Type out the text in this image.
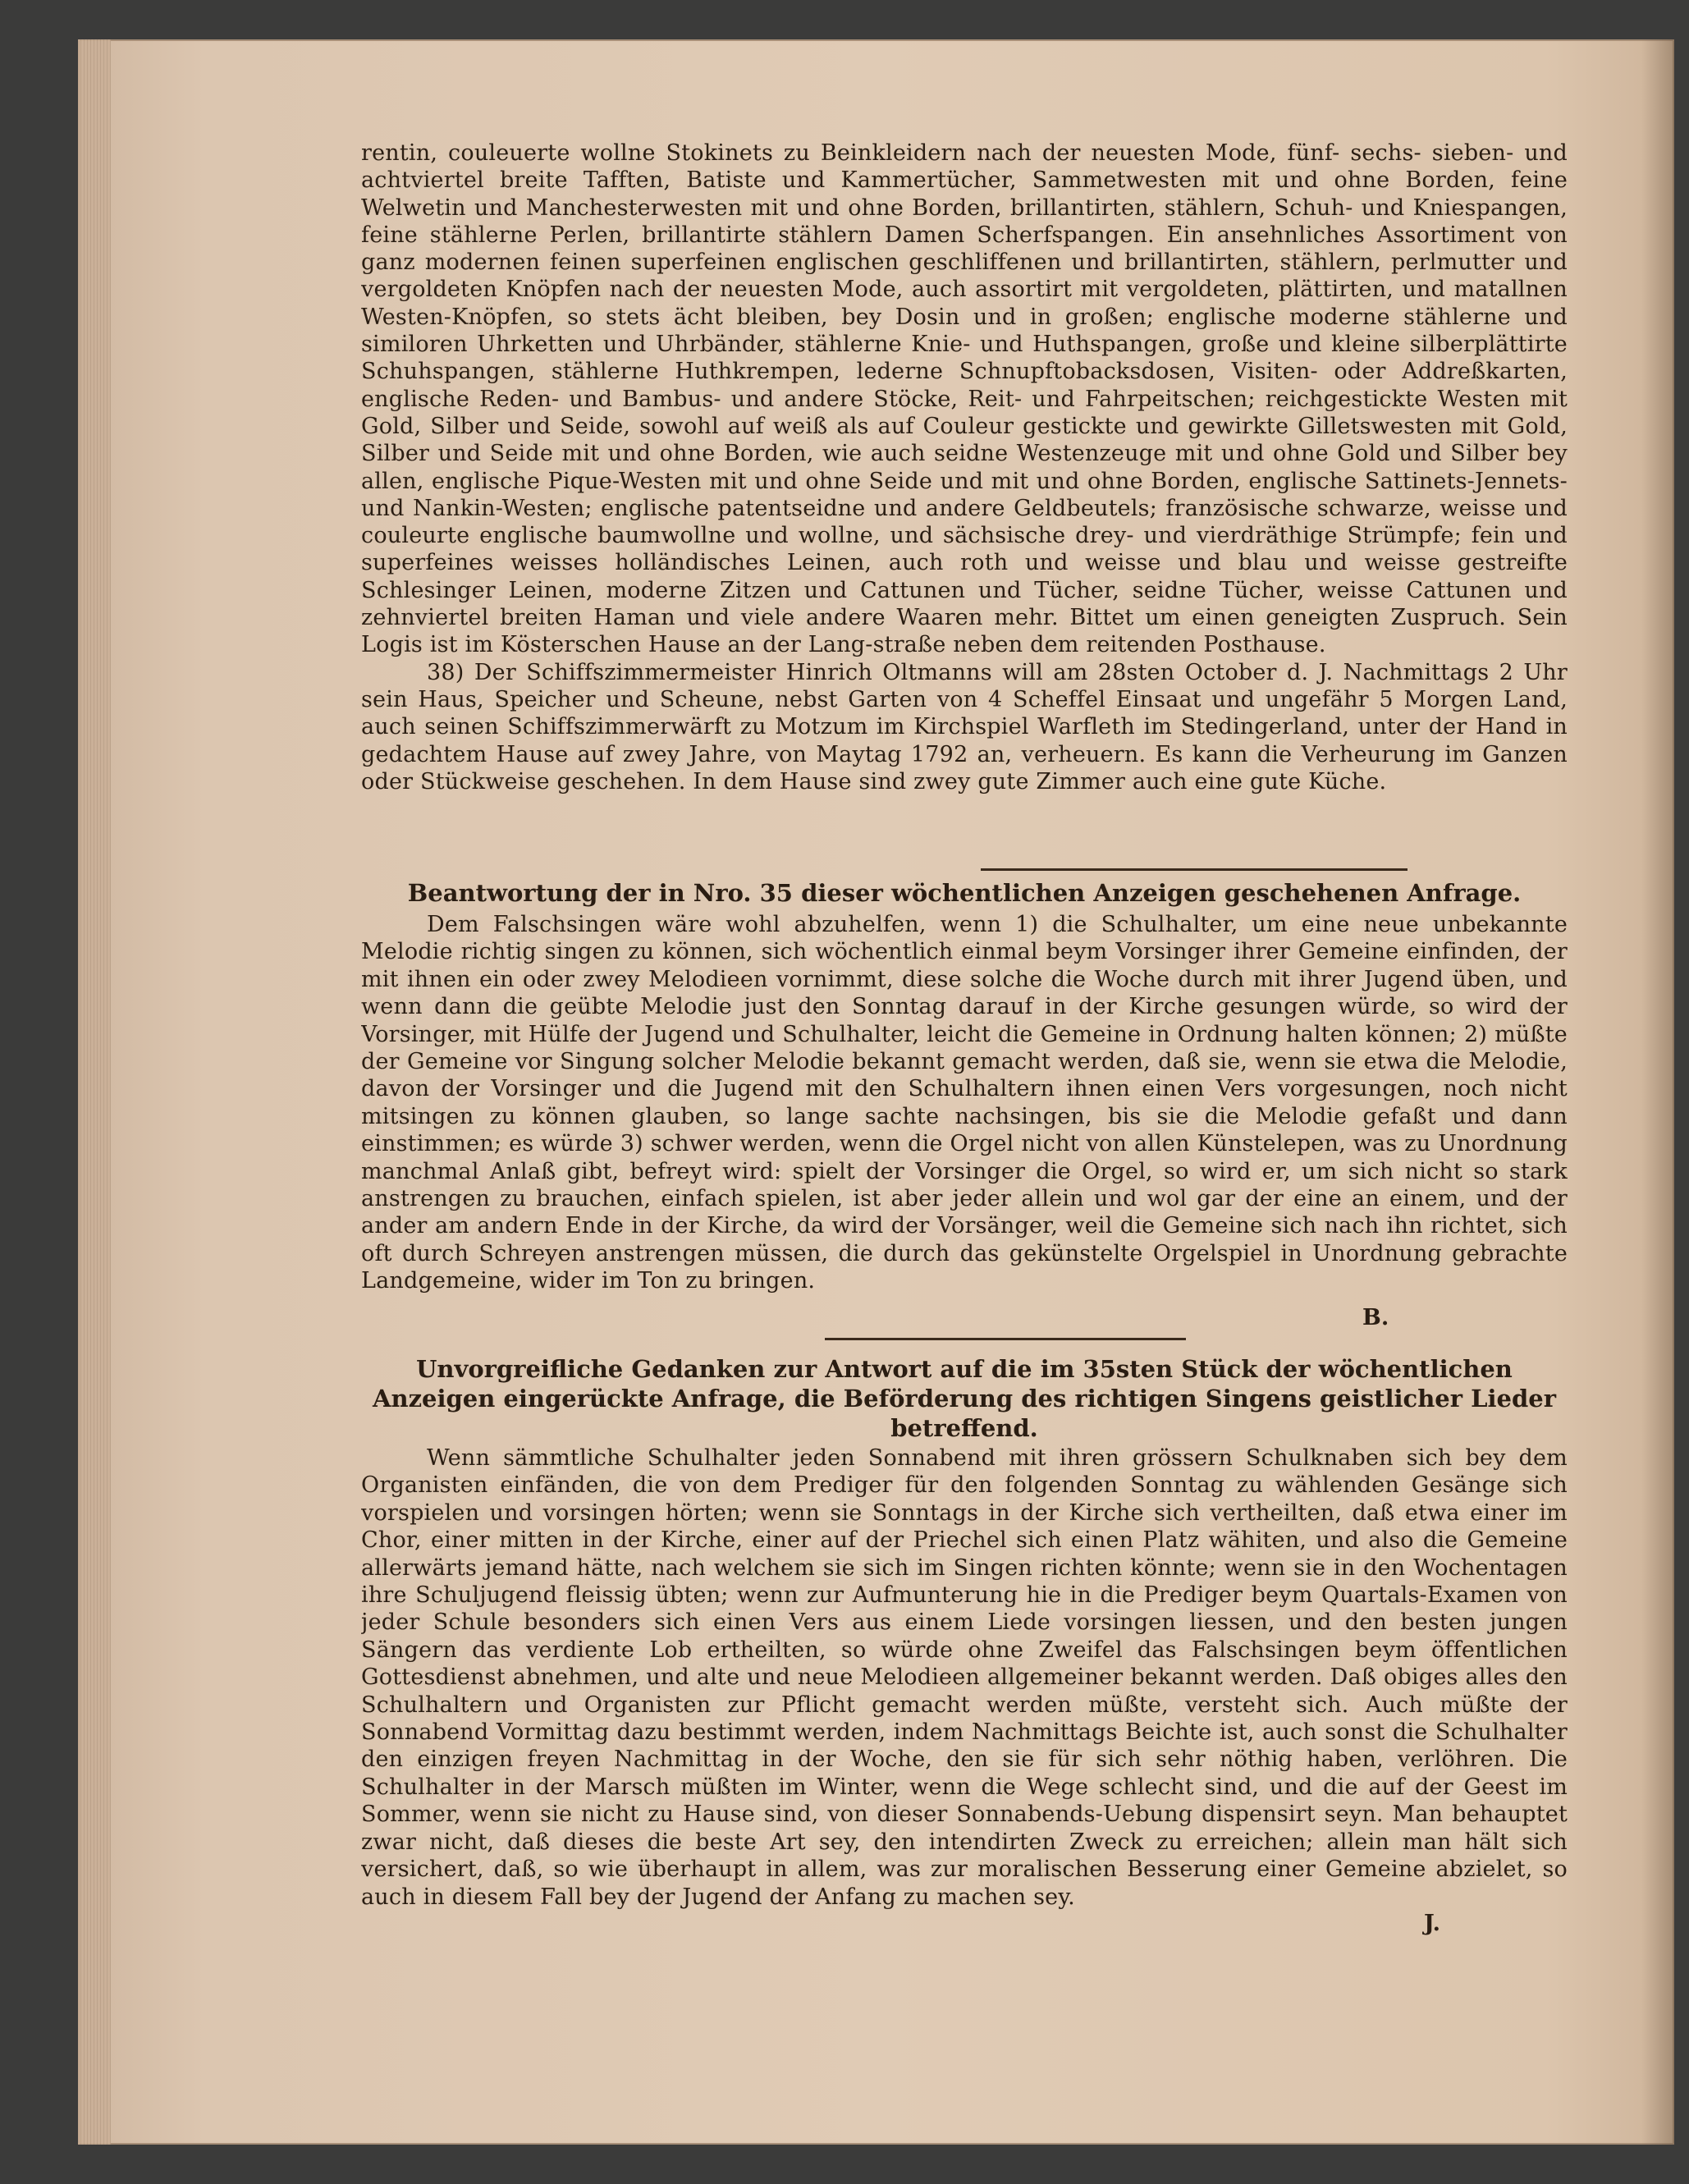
rentin, couleuerte wollne Stokinets zu Beinkleidern nach der neuesten Mode, fünf- sechs- sieben- und achtviertel breite Tafften, Batiste und Kammertücher, Sammetwesten mit und ohne Borden, feine Welwetin und Manchesterwesten mit und ohne Borden, brillantirten, stählern, Schuh- und Kniespangen, feine stählerne Perlen, brillantirte stählern Damen Scherfspangen. Ein ansehnliches Assortiment von ganz modernen feinen superfeinen englischen geschliffenen und brillantirten, stählern, perlmutter und vergoldeten Knöpfen nach der neuesten Mode, auch assortirt mit vergoldeten, plättirten, und matallnen Westen-Knöpfen, so stets ächt bleiben, bey Dosin und in großen; englische moderne stählerne und similoren Uhrketten und Uhrbänder, stählerne Knie- und Huthspangen, große und kleine silberplättirte Schuhspangen, stählerne Huthkrempen, lederne Schnupftobacksdosen, Visiten- oder Addreßkarten, englische Reden- und Bambus- und andere Stöcke, Reit- und Fahrpeitschen; reichgestickte Westen mit Gold, Silber und Seide, sowohl auf weiß als auf Couleur gestickte und gewirkte Gilletswesten mit Gold, Silber und Seide mit und ohne Borden, wie auch seidne Westenzeuge mit und ohne Gold und Silber bey allen, englische Pique-Westen mit und ohne Seide und mit und ohne Borden, englische Sattinets-Jennets- und Nankin-Westen; englische patentseidne und andere Geldbeutels; französische schwarze, weisse und couleurte englische baumwollne und wollne, und sächsische drey- und vierdräthige Strümpfe; fein und superfeines weisses holländisches Leinen, auch roth und weisse und blau und weisse gestreifte Schlesinger Leinen, moderne Zitzen und Cattunen und Tücher, seidne Tücher, weisse Cattunen und zehnviertel breiten Haman und viele andere Waaren mehr. Bittet um einen geneigten Zuspruch. Sein Logis ist im Kösterschen Hause an der Lang-straße neben dem reitenden Posthause.

38) Der Schiffszimmermeister Hinrich Oltmanns will am 28sten October d. J. Nachmittags 2 Uhr sein Haus, Speicher und Scheune, nebst Garten von 4 Scheffel Einsaat und ungefähr 5 Morgen Land, auch seinen Schiffszimmerwärft zu Motzum im Kirchspiel Warfleth im Stedingerland, unter der Hand in gedachtem Hause auf zwey Jahre, von Maytag 1792 an, verheuern. Es kann die Verheurung im Ganzen oder Stückweise geschehen. In dem Hause sind zwey gute Zimmer auch eine gute Küche.

Beantwortung der in Nro. 35 dieser wöchentlichen Anzeigen geschehenen Anfrage.

Dem Falschsingen wäre wohl abzuhelfen, wenn 1) die Schulhalter, um eine neue unbekannte Melodie richtig singen zu können, sich wöchentlich einmal beym Vorsinger ihrer Gemeine einfinden, der mit ihnen ein oder zwey Melodieen vornimmt, diese solche die Woche durch mit ihrer Jugend üben, und wenn dann die geübte Melodie just den Sonntag darauf in der Kirche gesungen würde, so wird der Vorsinger, mit Hülfe der Jugend und Schulhalter, leicht die Gemeine in Ordnung halten können; 2) müßte der Gemeine vor Singung solcher Melodie bekannt gemacht werden, daß sie, wenn sie etwa die Melodie, davon der Vorsinger und die Jugend mit den Schulhaltern ihnen einen Vers vorgesungen, noch nicht mitsingen zu können glauben, so lange sachte nachsingen, bis sie die Melodie gefaßt und dann einstimmen; es würde 3) schwer werden, wenn die Orgel nicht von allen Künstelepen, was zu Unordnung manchmal Anlaß gibt, befreyt wird: spielt der Vorsinger die Orgel, so wird er, um sich nicht so stark anstrengen zu brauchen, einfach spielen, ist aber jeder allein und wol gar der eine an einem, und der ander am andern Ende in der Kirche, da wird der Vorsänger, weil die Gemeine sich nach ihn richtet, sich oft durch Schreyen anstrengen müssen, die durch das gekünstelte Orgelspiel in Unordnung gebrachte Landgemeine, wider im Ton zu bringen.

B.
Unvorgreifliche Gedanken zur Antwort auf die im 35sten Stück der wöchentlichen Anzeigen eingerückte Anfrage, die Beförderung des richtigen Singens geistlicher Lieder betreffend.

Wenn sämmtliche Schulhalter jeden Sonnabend mit ihren grössern Schulknaben sich bey dem Organisten einfänden, die von dem Prediger für den folgenden Sonntag zu wählenden Gesänge sich vorspielen und vorsingen hörten; wenn sie Sonntags in der Kirche sich vertheilten, daß etwa einer im Chor, einer mitten in der Kirche, einer auf der Priechel sich einen Platz wähiten, und also die Gemeine allerwärts jemand hätte, nach welchem sie sich im Singen richten könnte; wenn sie in den Wochentagen ihre Schuljugend fleissig übten; wenn zur Aufmunterung hie in die Prediger beym Quartals-Examen von jeder Schule besonders sich einen Vers aus einem Liede vorsingen liessen, und den besten jungen Sängern das verdiente Lob ertheilten, so würde ohne Zweifel das Falschsingen beym öffentlichen Gottesdienst abnehmen, und alte und neue Melodieen allgemeiner bekannt werden. Daß obiges alles den Schulhaltern und Organisten zur Pflicht gemacht werden müßte, versteht sich. Auch müßte der Sonnabend Vormittag dazu bestimmt werden, indem Nachmittags Beichte ist, auch sonst die Schulhalter den einzigen freyen Nachmittag in der Woche, den sie für sich sehr nöthig haben, verlöhren. Die Schulhalter in der Marsch müßten im Winter, wenn die Wege schlecht sind, und die auf der Geest im Sommer, wenn sie nicht zu Hause sind, von dieser Sonnabends-Uebung dispensirt seyn. Man behauptet zwar nicht, daß dieses die beste Art sey, den intendirten Zweck zu erreichen; allein man hält sich versichert, daß, so wie überhaupt in allem, was zur moralischen Besserung einer Gemeine abzielet, so auch in diesem Fall bey der Jugend der Anfang zu machen sey.

J.
